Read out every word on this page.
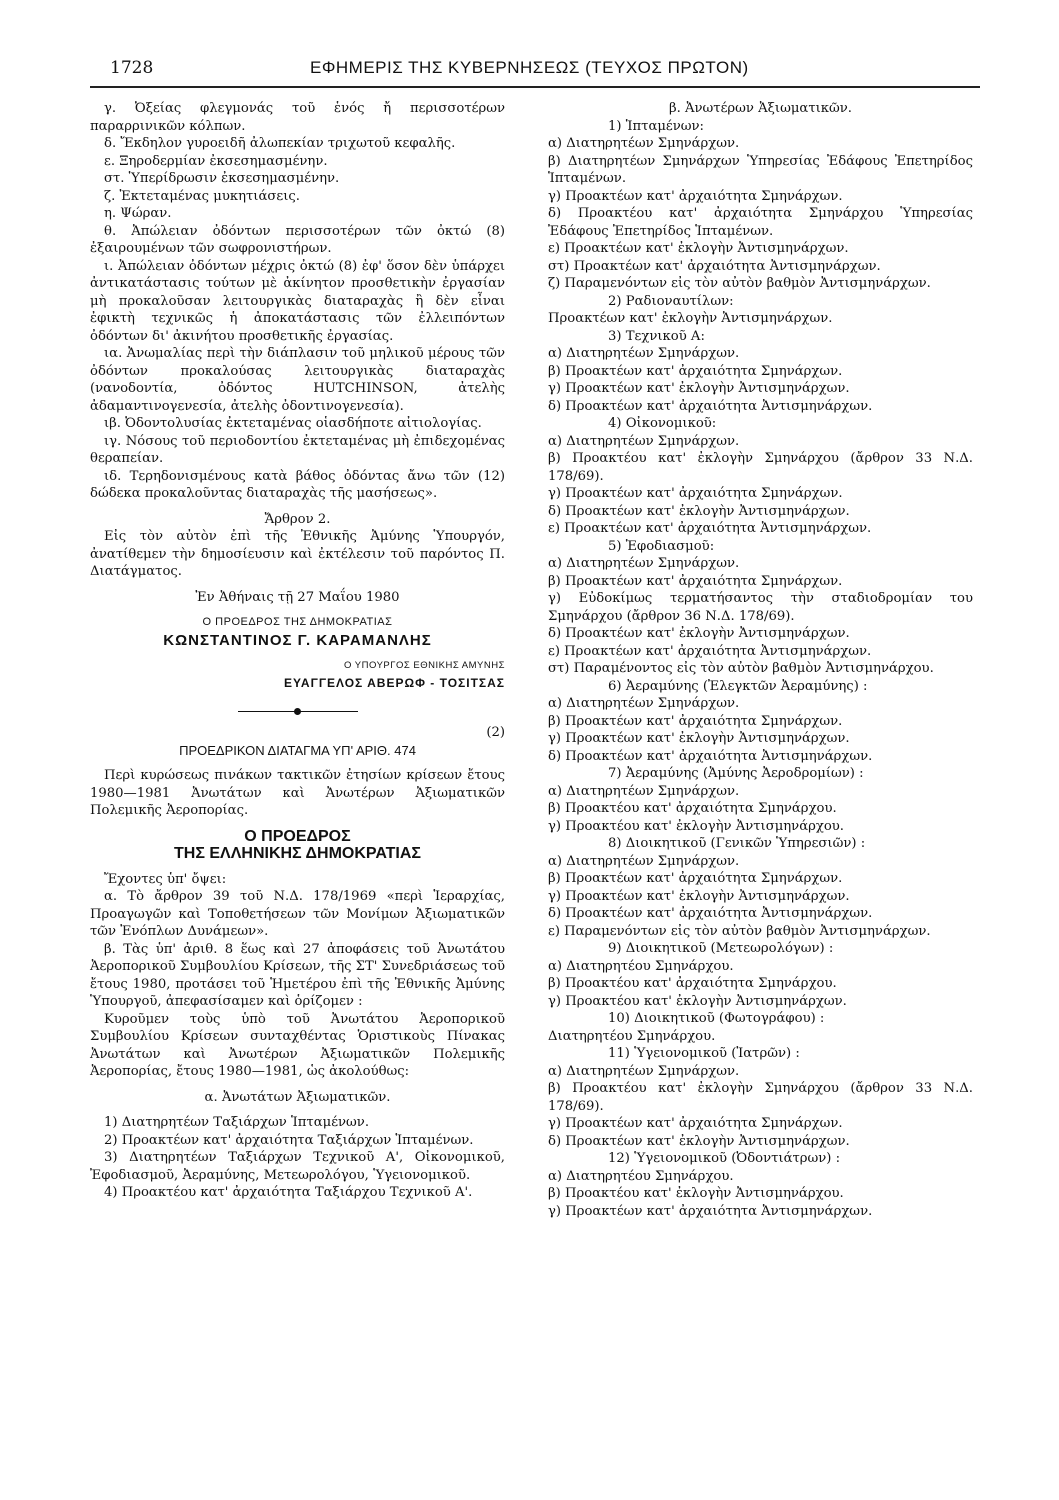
1728	ΕΦΗΜΕΡΙΣ ΤΗΣ ΚΥΒΕΡΝΗΣΕΩΣ (ΤΕΥΧΟΣ ΠΡΩΤΟΝ)

γ. Ὀξείας φλεγμονάς τοῦ ἑνός ἤ περισσοτέρων παραρρινικῶν κόλπων.

δ. Ἔκδηλον γυροειδῆ ἀλωπεκίαν τριχωτοῦ κεφαλῆς.

ε. Ξηροδερμίαν ἐκσεσημασμένην.

στ. Ὑπερίδρωσιν ἐκσεσημασμένην.

ζ. Ἐκτεταμένας μυκητιάσεις.

η. Ψώραν.

θ. Ἀπώλειαν ὀδόντων περισσοτέρων τῶν ὀκτώ (8) ἐξαιρουμένων τῶν σωφρονιστήρων.

ι. Ἀπώλειαν ὀδόντων μέχρις ὀκτώ (8) ἐφ' ὅσον δὲν ὑπάρχει ἀντικατάστασις τούτων μὲ ἀκίνητον προσθετικὴν ἐργασίαν μὴ προκαλοῦσαν λειτουργικὰς διαταραχὰς ἢ δὲν εἶναι ἐφικτὴ τεχνικῶς ἡ ἀποκατάστασις τῶν ἐλλειπόντων ὀδόντων δι' ἀκινήτου προσθετικῆς ἐργασίας.

ια. Ἀνωμαλίας περὶ τὴν διάπλασιν τοῦ μηλικοῦ μέρους τῶν ὀδόντων προκαλούσας λειτουργικὰς διαταραχὰς (νανοδοντία, ὀδόντος HUTCHINSON, ἀτελὴς ἀδαμαντινογενεσία, ἀτελὴς ὀδοντινογενεσία).

ιβ. Ὀδοντολυσίας ἐκτεταμένας οἱασδήποτε αἰτιολογίας.

ιγ. Νόσους τοῦ περιοδοντίου ἐκτεταμένας μὴ ἐπιδεχομένας θεραπείαν.

ιδ. Τερηδονισμένους κατὰ βάθος ὀδόντας ἄνω τῶν (12) δώδεκα προκαλοῦντας διαταραχὰς τῆς μασήσεως».

Ἄρθρον 2.

Εἰς τὸν αὐτὸν ἐπὶ τῆς Ἐθνικῆς Ἀμύνης Ὑπουργόν, ἀνατίθεμεν τὴν δημοσίευσιν καὶ ἐκτέλεσιν τοῦ παρόντος Π. Διατάγματος.

Ἐν Ἀθήναις τῇ 27 Μαΐου 1980

Ο ΠΡΟΕΔΡΟΣ ΤΗΣ ΔΗΜΟΚΡΑΤΙΑΣ

ΚΩΝΣΤΑΝΤΙΝΟΣ Γ. ΚΑΡΑΜΑΝΛΗΣ

Ο ΥΠΟΥΡΓΟΣ ΕΘΝΙΚΗΣ ΑΜΥΝΗΣ

ΕΥΑΓΓΕΛΟΣ ΑΒΕΡΩΦ - ΤΟΣΙΤΣΑΣ

(2)

ΠΡΟΕΔΡΙΚΟΝ ΔΙΑΤΑΓΜΑ ΥΠ' ΑΡΙΘ. 474

Περὶ κυρώσεως πινάκων τακτικῶν ἐτησίων κρίσεων ἔτους 1980—1981 Ἀνωτάτων καὶ Ἀνωτέρων Ἀξιωματικῶν Πολεμικῆς Ἀεροπορίας.

Ο ΠΡΟΕΔΡΟΣ

ΤΗΣ ΕΛΛΗΝΙΚΗΣ ΔΗΜΟΚΡΑΤΙΑΣ

Ἔχοντες ὑπ' ὄψει:

α. Τὸ ἄρθρον 39 τοῦ Ν.Δ. 178/1969 «περὶ Ἱεραρχίας, Προαγωγῶν καὶ Τοποθετήσεων τῶν Μονίμων Ἀξιωματικῶν τῶν Ἐνόπλων Δυνάμεων».

β. Τὰς ὑπ' ἀριθ. 8 ἕως καὶ 27 ἀποφάσεις τοῦ Ἀνωτάτου Ἀεροπορικοῦ Συμβουλίου Κρίσεων, τῆς ΣΤ' Συνεδριάσεως τοῦ ἔτους 1980, προτάσει τοῦ Ἡμετέρου ἐπὶ τῆς Ἐθνικῆς Ἀμύνης Ὑπουργοῦ, ἀπεφασίσαμεν καὶ ὁρίζομεν :

Κυροῦμεν τοὺς ὑπὸ τοῦ Ἀνωτάτου Ἀεροπορικοῦ Συμβουλίου Κρίσεων συνταχθέντας Ὁριστικοὺς Πίνακας Ἀνωτάτων καὶ Ἀνωτέρων Ἀξιωματικῶν Πολεμικῆς Ἀεροπορίας, ἔτους 1980—1981, ὡς ἀκολούθως:

α. Ἀνωτάτων Ἀξιωματικῶν.

1) Διατηρητέων Ταξιάρχων Ἱπταμένων.

2) Προακτέων κατ' ἀρχαιότητα Ταξιάρχων Ἱπταμένων.

3) Διατηρητέων Ταξιάρχων Τεχνικοῦ Α', Οἰκονομικοῦ, Ἐφοδιασμοῦ, Ἀεραμύνης, Μετεωρολόγου, Ὑγειονομικοῦ.

4) Προακτέου κατ' ἀρχαιότητα Ταξιάρχου Τεχνικοῦ Α'.

β. Ἀνωτέρων Ἀξιωματικῶν.

1) Ἱπταμένων:

α) Διατηρητέων Σμηνάρχων.

β) Διατηρητέων Σμηνάρχων Ὑπηρεσίας Ἐδάφους Ἐπετηρίδος Ἱπταμένων.

γ) Προακτέων κατ' ἀρχαιότητα Σμηνάρχων.

δ) Προακτέου κατ' ἀρχαιότητα Σμηνάρχου Ὑπηρεσίας Ἐδάφους Ἐπετηρίδος Ἱπταμένων.

ε) Προακτέων κατ' ἐκλογὴν Ἀντισμηνάρχων.

στ) Προακτέων κατ' ἀρχαιότητα Ἀντισμηνάρχων.

ζ) Παραμενόντων εἰς τὸν αὐτὸν βαθμὸν Ἀντισμηνάρχων.

2) Ραδιοναυτίλων:

Προακτέων κατ' ἐκλογὴν Ἀντισμηνάρχων.

3) Τεχνικοῦ Α:

α) Διατηρητέων Σμηνάρχων.

β) Προακτέων κατ' ἀρχαιότητα Σμηνάρχων.

γ) Προακτέων κατ' ἐκλογὴν Ἀντισμηνάρχων.

δ) Προακτέων κατ' ἀρχαιότητα Ἀντισμηνάρχων.

4) Οἰκονομικοῦ:

α) Διατηρητέων Σμηνάρχων.

β) Προακτέου κατ' ἐκλογὴν Σμηνάρχου (ἄρθρον 33 Ν.Δ. 178/69).

γ) Προακτέων κατ' ἀρχαιότητα Σμηνάρχων.

δ) Προακτέων κατ' ἐκλογὴν Ἀντισμηνάρχων.

ε) Προακτέων κατ' ἀρχαιότητα Ἀντισμηνάρχων.

5) Ἐφοδιασμοῦ:

α) Διατηρητέων Σμηνάρχων.

β) Προακτέων κατ' ἀρχαιότητα Σμηνάρχων.

γ) Εὐδοκίμως τερματήσαντος τὴν σταδιοδρομίαν του Σμηνάρχου (ἄρθρον 36 Ν.Δ. 178/69).

δ) Προακτέων κατ' ἐκλογὴν Ἀντισμηνάρχων.

ε) Προακτέων κατ' ἀρχαιότητα Ἀντισμηνάρχων.

στ) Παραμένοντος εἰς τὸν αὐτὸν βαθμὸν Ἀντισμηνάρχου.

6) Ἀεραμύνης (Ἐλεγκτῶν Ἀεραμύνης) :

α) Διατηρητέων Σμηνάρχων.

β) Προακτέων κατ' ἀρχαιότητα Σμηνάρχων.

γ) Προακτέων κατ' ἐκλογὴν Ἀντισμηνάρχων.

δ) Προακτέων κατ' ἀρχαιότητα Ἀντισμηνάρχων.

7) Ἀεραμύνης (Ἀμύνης Ἀεροδρομίων) :

α) Διατηρητέων Σμηνάρχων.

β) Προακτέου κατ' ἀρχαιότητα Σμηνάρχου.

γ) Προακτέου κατ' ἐκλογὴν Ἀντισμηνάρχου.

8) Διοικητικοῦ (Γενικῶν Ὑπηρεσιῶν) :

α) Διατηρητέων Σμηνάρχων.

β) Προακτέων κατ' ἀρχαιότητα Σμηνάρχων.

γ) Προακτέων κατ' ἐκλογὴν Ἀντισμηνάρχων.

δ) Προακτέων κατ' ἀρχαιότητα Ἀντισμηνάρχων.

ε) Παραμενόντων εἰς τὸν αὐτὸν βαθμὸν Ἀντισμηνάρχων.

9) Διοικητικοῦ (Μετεωρολόγων) :

α) Διατηρητέου Σμηνάρχου.

β) Προακτέου κατ' ἀρχαιότητα Σμηνάρχου.

γ) Προακτέου κατ' ἐκλογὴν Ἀντισμηνάρχων.

10) Διοικητικοῦ (Φωτογράφου) :

Διατηρητέου Σμηνάρχου.

11) Ὑγειονομικοῦ (Ἰατρῶν) :

α) Διατηρητέων Σμηνάρχων.

β) Προακτέου κατ' ἐκλογὴν Σμηνάρχου (ἄρθρον 33 Ν.Δ. 178/69).

γ) Προακτέων κατ' ἀρχαιότητα Σμηνάρχων.

δ) Προακτέων κατ' ἐκλογὴν Ἀντισμηνάρχων.

12) Ὑγειονομικοῦ (Ὀδοντιάτρων) :

α) Διατηρητέου Σμηνάρχου.

β) Προακτέου κατ' ἐκλογὴν Ἀντισμηνάρχου.

γ) Προακτέων κατ' ἀρχαιότητα Ἀντισμηνάρχων.
